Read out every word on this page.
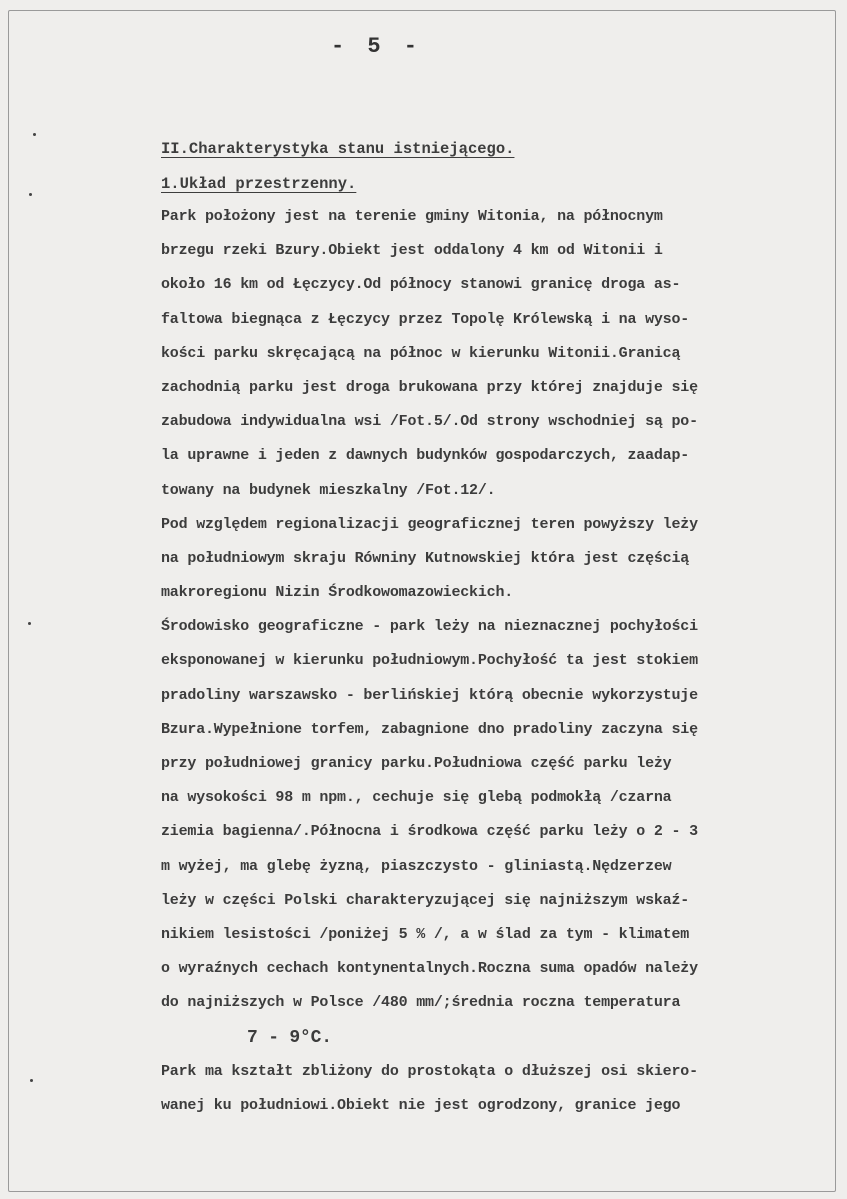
- 5 -
II.Charakterystyka stanu istniejącego.
1.Układ przestrzenny.
Park położony jest na terenie gminy Witonia, na północnym
brzegu rzeki Bzury.Obiekt jest oddalony 4 km od Witonii i
około 16 km od Łęczycy.Od północy stanowi granicę droga as-
faltowa biegnąca z Łęczycy przez Topolę Królewską i na wyso-
kości parku skręcającą na północ w kierunku Witonii.Granicą
zachodnią parku jest droga brukowana przy której znajduje się
zabudowa indywidualna wsi /Fot.5/.Od strony wschodniej są po-
la uprawne i jeden z dawnych budynków gospodarczych, zaadap-
towany na budynek mieszkalny /Fot.12/.
Pod względem regionalizacji geograficznej teren powyższy leży
na południowym skraju Równiny Kutnowskiej która jest częścią
makroregionu Nizin Środkowomazowieckich.
Środowisko geograficzne - park leży na nieznacznej pochyłości
eksponowanej w kierunku południowym.Pochyłość ta jest stokiem
pradoliny warszawsko - berlińskiej którą obecnie wykorzystuje
Bzura.Wypełnione torfem, zabagnione dno pradoliny zaczyna się
przy południowej granicy parku.Południowa część parku leży
na wysokości 98 m npm., cechuje się glebą podmokłą /czarna
ziemia bagienna/.Północna i środkowa część parku leży o 2 - 3
m wyżej, ma glebę żyzną, piaszczysto - gliniastą.Nędzerzew
leży w części Polski charakteryzującej się najniższym wskaź-
nikiem lesistości /poniżej 5 % /, a w ślad za tym - klimatem
o wyraźnych cechach kontynentalnych.Roczna suma opadów należy
do najniższych w Polsce /480 mm/;średnia roczna temperatura
7 - 9°C.
Park ma kształt zbliżony do prostokąta o dłuższej osi skiero-
wanej ku południowi.Obiekt nie jest ogrodzony, granice jego
